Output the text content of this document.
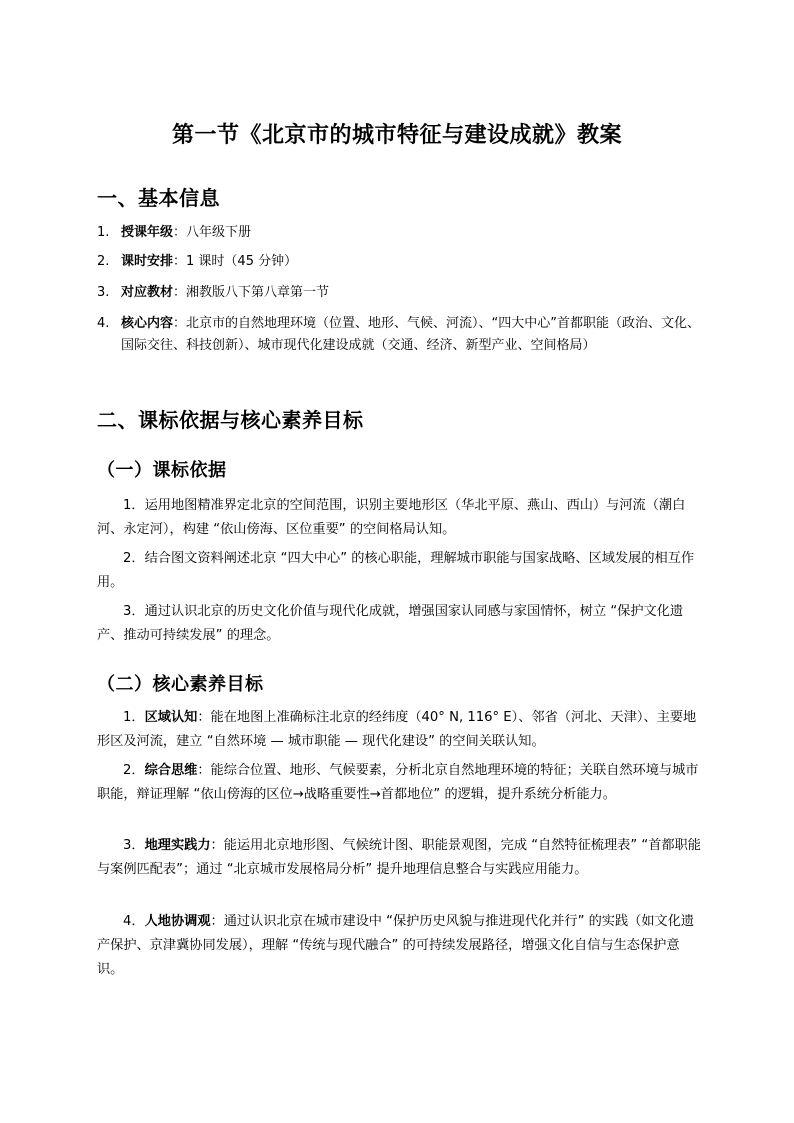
第一节《北京市的城市特征与建设成就》教案
一、基本信息
1. 授课年级：八年级下册
2. 课时安排：1 课时（45 分钟）
3. 对应教材：湘教版八下第八章第一节
4. 核心内容：北京市的自然地理环境（位置、地形、气候、河流）、“四大中心”首都职能（政治、文化、国际交往、科技创新）、城市现代化建设成就（交通、经济、新型产业、空间格局）
二、课标依据与核心素养目标
（一）课标依据
1．运用地图精准界定北京的空间范围，识别主要地形区（华北平原、燕山、西山）与河流（潮白河、永定河），构建 “依山傍海、区位重要” 的空间格局认知。
2．结合图文资料阐述北京 “四大中心” 的核心职能，理解城市职能与国家战略、区域发展的相互作用。
3．通过认识北京的历史文化价值与现代化成就，增强国家认同感与家国情怀，树立 “保护文化遗产、推动可持续发展” 的理念。
（二）核心素养目标
1．区域认知：能在地图上准确标注北京的经纬度（40° N, 116° E）、邻省（河北、天津）、主要地形区及河流，建立 “自然环境 — 城市职能 — 现代化建设” 的空间关联认知。
2．综合思维：能综合位置、地形、气候要素，分析北京自然地理环境的特征；关联自然环境与城市职能，辩证理解 “依山傍海的区位→战略重要性→首都地位” 的逻辑，提升系统分析能力。
3．地理实践力：能运用北京地形图、气候统计图、职能景观图，完成 “自然特征梳理表” “首都职能与案例匹配表”；通过 “北京城市发展格局分析” 提升地理信息整合与实践应用能力。
4．人地协调观：通过认识北京在城市建设中 “保护历史风貌与推进现代化并行” 的实践（如文化遗产保护、京津冀协同发展），理解 “传统与现代融合” 的可持续发展路径，增强文化自信与生态保护意识。
